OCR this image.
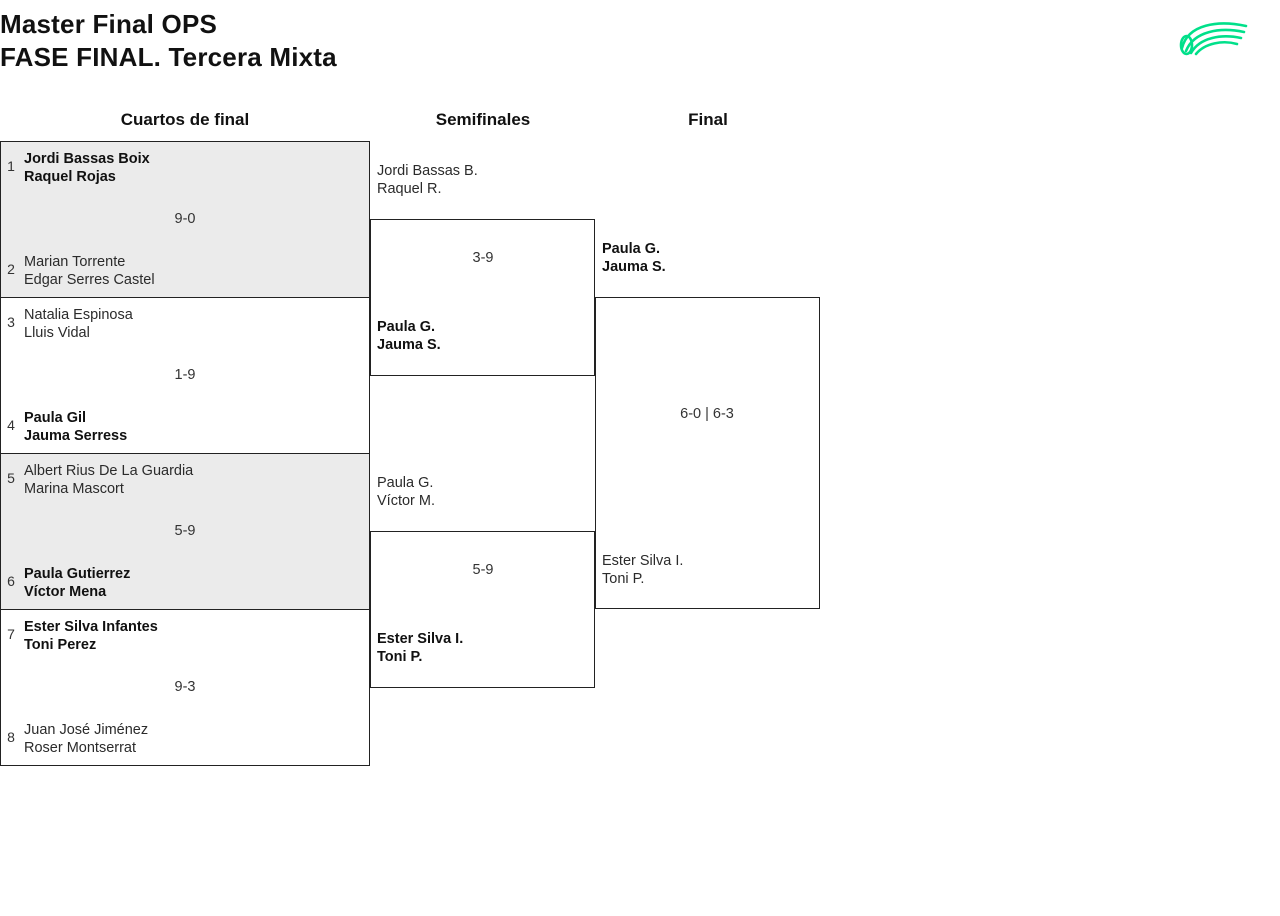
Master Final OPS
FASE FINAL. Tercera Mixta
Cuartos de final	Semifinales	Final
1 Jordi Bassas Boix
Raquel Rojas
9-0
2 Marian Torrente
Edgar Serres Castel
3 Natalia Espinosa
Lluis Vidal
1-9
4 Paula Gil
Jauma Serress
5 Albert Rius De La Guardia
Marina Mascort
5-9
6 Paula Gutierrez
Víctor Mena
7 Ester Silva Infantes
Toni Perez
9-3
8 Juan José Jiménez
Roser Montserrat
Jordi Bassas B.
Raquel R.
3-9
Paula G.
Jauma S.
Paula G.
Víctor M.
5-9
Ester Silva I.
Toni P.
Paula G.
Jauma S.
6-0 | 6-3
Ester Silva I.
Toni P.
